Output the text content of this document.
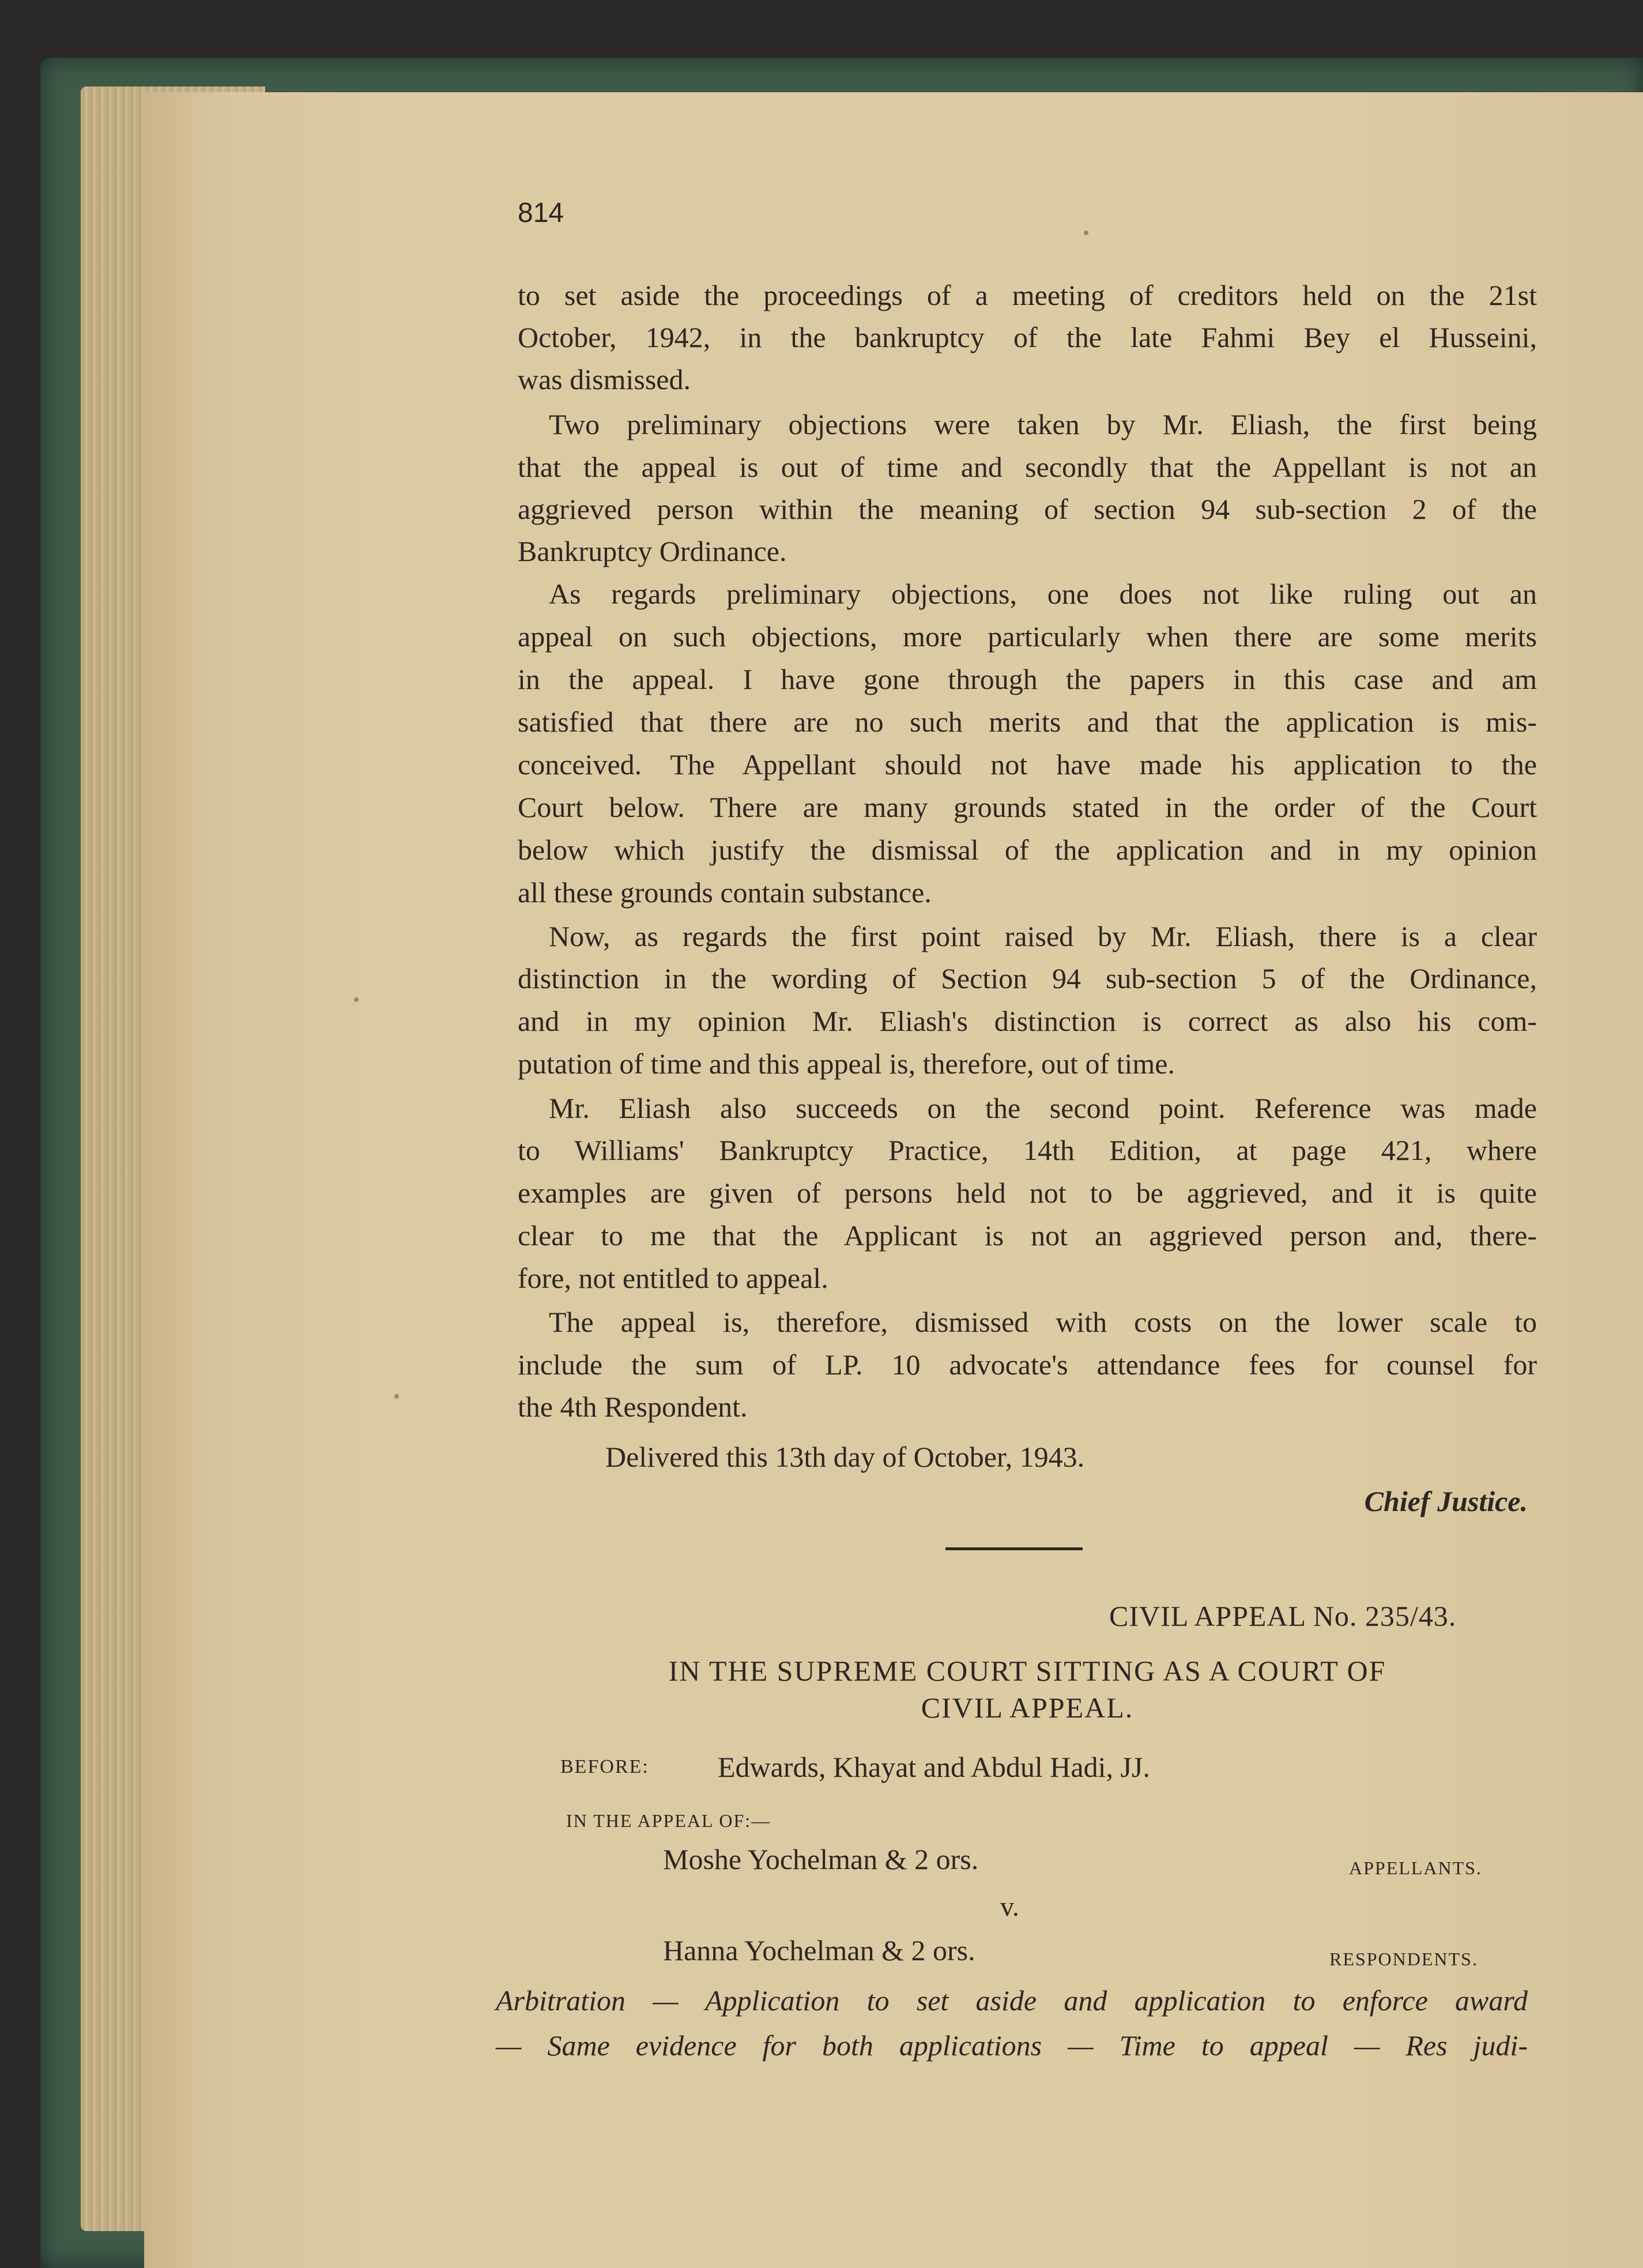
814
to set aside the proceedings of a meeting of creditors held on the 21st
October, 1942, in the bankruptcy of the late Fahmi Bey el Husseini,
was dismissed.
Two preliminary objections were taken by Mr. Eliash, the first being
that the appeal is out of time and secondly that the Appellant is not an
aggrieved person within the meaning of section 94 sub-section 2 of the
Bankruptcy Ordinance.
As regards preliminary objections, one does not like ruling out an
appeal on such objections, more particularly when there are some merits
in the appeal. I have gone through the papers in this case and am
satisfied that there are no such merits and that the application is mis-
conceived. The Appellant should not have made his application to the
Court below. There are many grounds stated in the order of the Court
below which justify the dismissal of the application and in my opinion
all these grounds contain substance.
Now, as regards the first point raised by Mr. Eliash, there is a clear
distinction in the wording of Section 94 sub-section 5 of the Ordinance,
and in my opinion Mr. Eliash's distinction is correct as also his com-
putation of time and this appeal is, therefore, out of time.
Mr. Eliash also succeeds on the second point. Reference was made
to Williams' Bankruptcy Practice, 14th Edition, at page 421, where
examples are given of persons held not to be aggrieved, and it is quite
clear to me that the Applicant is not an aggrieved person and, there-
fore, not entitled to appeal.
The appeal is, therefore, dismissed with costs on the lower scale to
include the sum of LP. 10 advocate's attendance fees for counsel for
the 4th Respondent.
Delivered this 13th day of October, 1943.
Chief Justice.
CIVIL APPEAL No. 235/43.
IN THE SUPREME COURT SITTING AS A COURT OF
CIVIL APPEAL.
BEFORE: Edwards, Khayat and Abdul Hadi, JJ.
IN THE APPEAL OF:—
Moshe Yochelman & 2 ors.	APPELLANTS.
v.
Hanna Yochelman & 2 ors.	RESPONDENTS.
Arbitration — Application to set aside and application to enforce award
— Same evidence for both applications — Time to appeal — Res judi-
